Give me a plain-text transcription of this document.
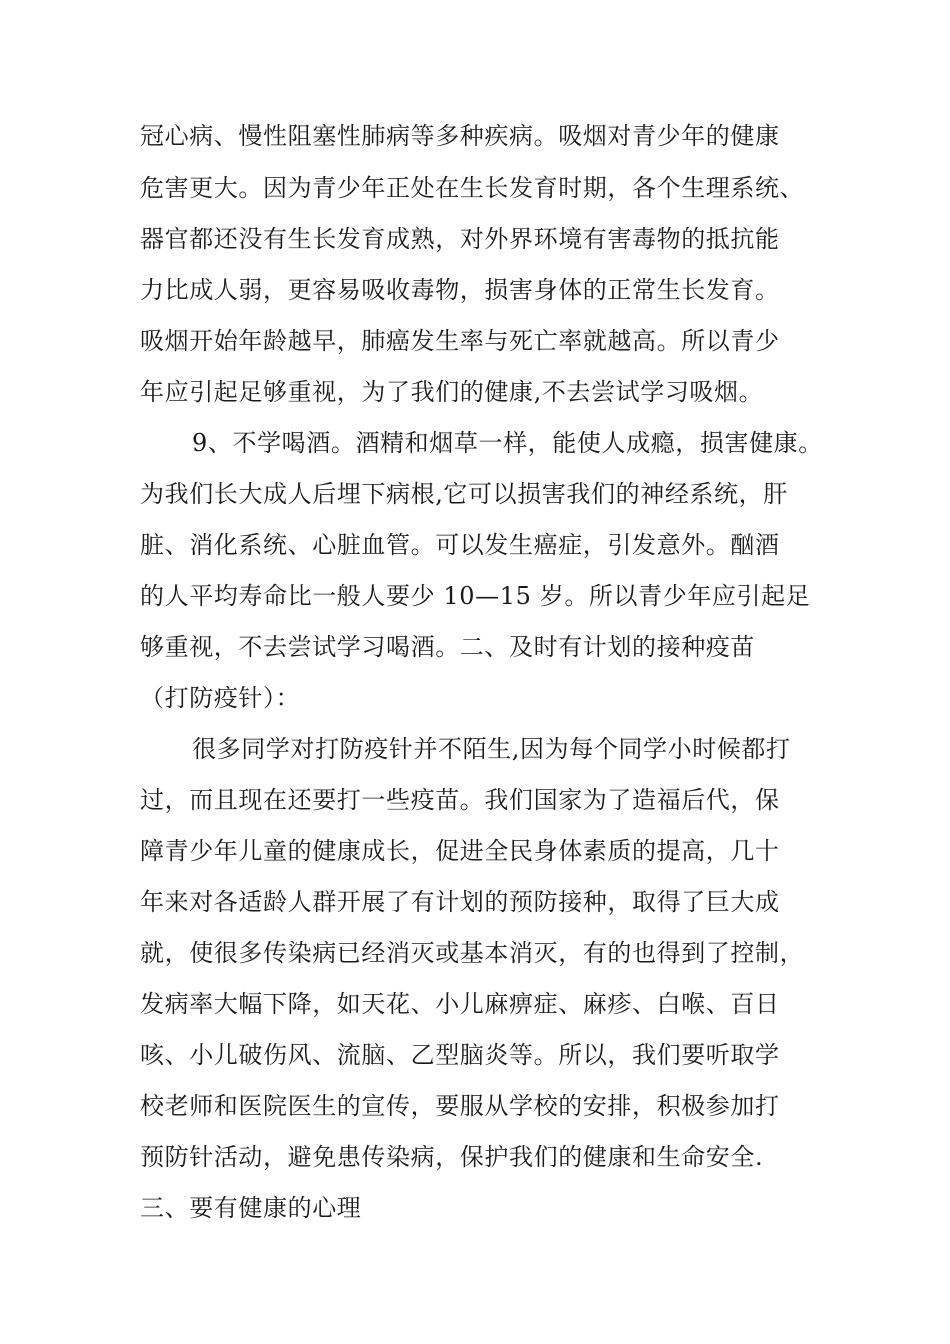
冠心病、慢性阻塞性肺病等多种疾病。吸烟对青少年的健康
危害更大。因为青少年正处在生长发育时期，各个生理系统、
器官都还没有生长发育成熟，对外界环境有害毒物的抵抗能
力比成人弱，更容易吸收毒物，损害身体的正常生长发育。
吸烟开始年龄越早，肺癌发生率与死亡率就越高。所以青少
年应引起足够重视，为了我们的健康,不去尝试学习吸烟。
9、不学喝酒。酒精和烟草一样，能使人成瘾，损害健康。
为我们长大成人后埋下病根,它可以损害我们的神经系统，肝
脏、消化系统、心脏血管。可以发生癌症，引发意外。酗酒
的人平均寿命比一般人要少 10—15 岁。所以青少年应引起足
够重视，不去尝试学习喝酒。二、及时有计划的接种疫苗
（打防疫针）：
很多同学对打防疫针并不陌生,因为每个同学小时候都打
过，而且现在还要打一些疫苗。我们国家为了造福后代，保
障青少年儿童的健康成长，促进全民身体素质的提高，几十
年来对各适龄人群开展了有计划的预防接种，取得了巨大成
就，使很多传染病已经消灭或基本消灭，有的也得到了控制，
发病率大幅下降，如天花、小儿麻痹症、麻疹、白喉、百日
咳、小儿破伤风、流脑、乙型脑炎等。所以，我们要听取学
校老师和医院医生的宣传，要服从学校的安排，积极参加打
预防针活动，避免患传染病，保护我们的健康和生命安全.
三、要有健康的心理
